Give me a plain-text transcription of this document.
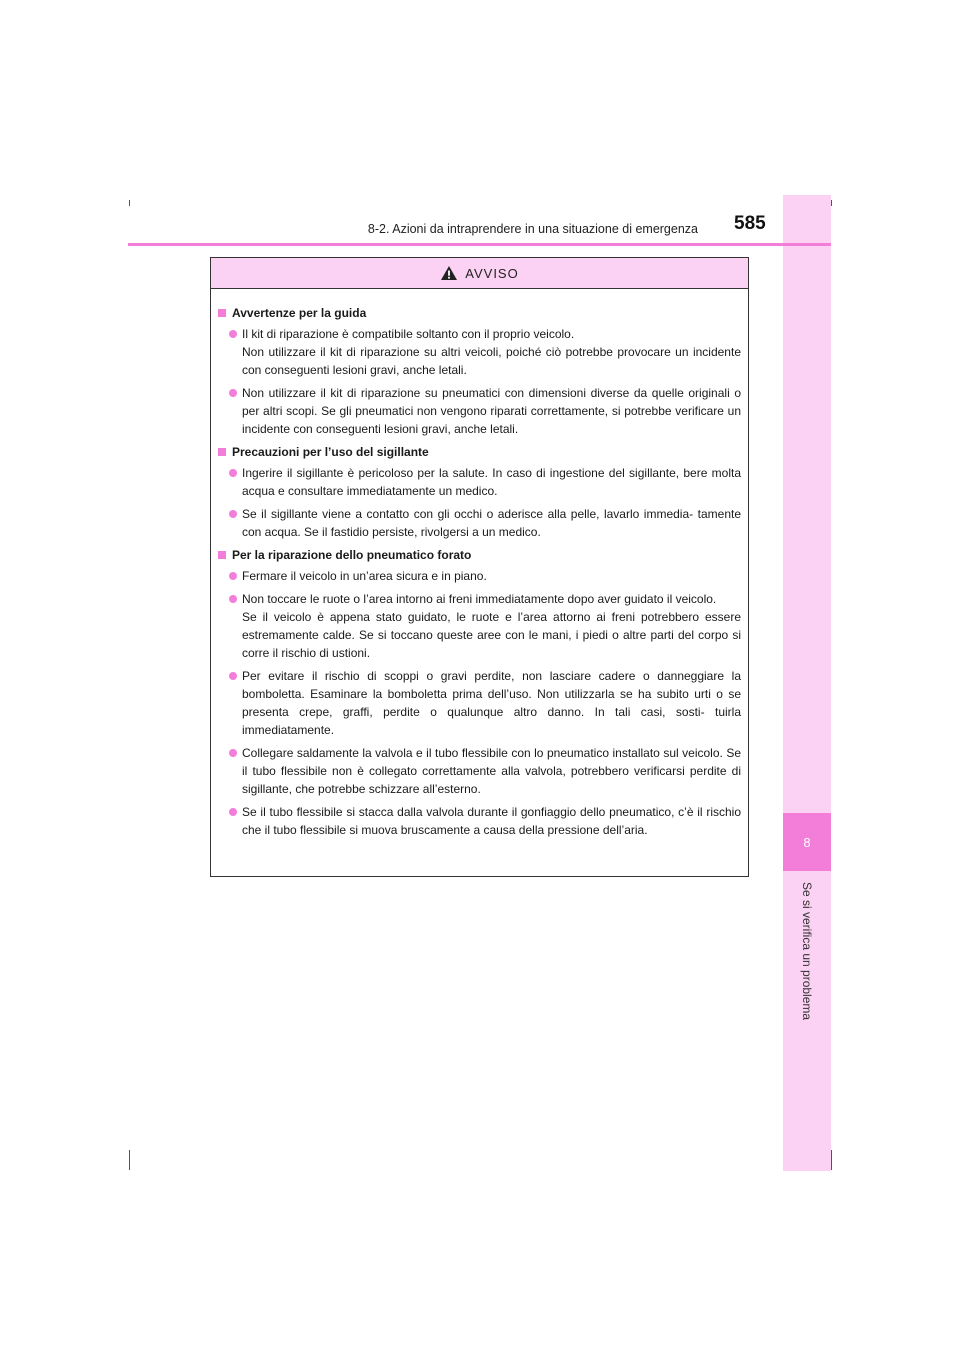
8
Se si verifica un problema
8-2. Azioni da intraprendere in una situazione di emergenza 585
AVVISO
Avvertenze per la guida
Il kit di riparazione è compatibile soltanto con il proprio veicolo.
Non utilizzare il kit di riparazione su altri veicoli, poiché ciò potrebbe provocare un incidente con conseguenti lesioni gravi, anche letali.
Non utilizzare il kit di riparazione su pneumatici con dimensioni diverse da quelle originali o per altri scopi. Se gli pneumatici non vengono riparati correttamente, si potrebbe verificare un incidente con conseguenti lesioni gravi, anche letali.
Precauzioni per l’uso del sigillante
Ingerire il sigillante è pericoloso per la salute. In caso di ingestione del sigillante, bere molta acqua e consultare immediatamente un medico.
Se il sigillante viene a contatto con gli occhi o aderisce alla pelle, lavarlo immedia- tamente con acqua. Se il fastidio persiste, rivolgersi a un medico.
Per la riparazione dello pneumatico forato
Fermare il veicolo in un’area sicura e in piano.
Non toccare le ruote o l’area intorno ai freni immediatamente dopo aver guidato il veicolo.
Se il veicolo è appena stato guidato, le ruote e l’area attorno ai freni potrebbero essere estremamente calde. Se si toccano queste aree con le mani, i piedi o altre parti del corpo si corre il rischio di ustioni.
Per evitare il rischio di scoppi o gravi perdite, non lasciare cadere o danneggiare la bomboletta. Esaminare la bomboletta prima dell’uso. Non utilizzarla se ha subito urti o se presenta crepe, graffi, perdite o qualunque altro danno. In tali casi, sosti- tuirla immediatamente.
Collegare saldamente la valvola e il tubo flessibile con lo pneumatico installato sul veicolo. Se il tubo flessibile non è collegato correttamente alla valvola, potrebbero verificarsi perdite di sigillante, che potrebbe schizzare all’esterno.
Se il tubo flessibile si stacca dalla valvola durante il gonfiaggio dello pneumatico, c’è il rischio che il tubo flessibile si muova bruscamente a causa della pressione dell’aria.
